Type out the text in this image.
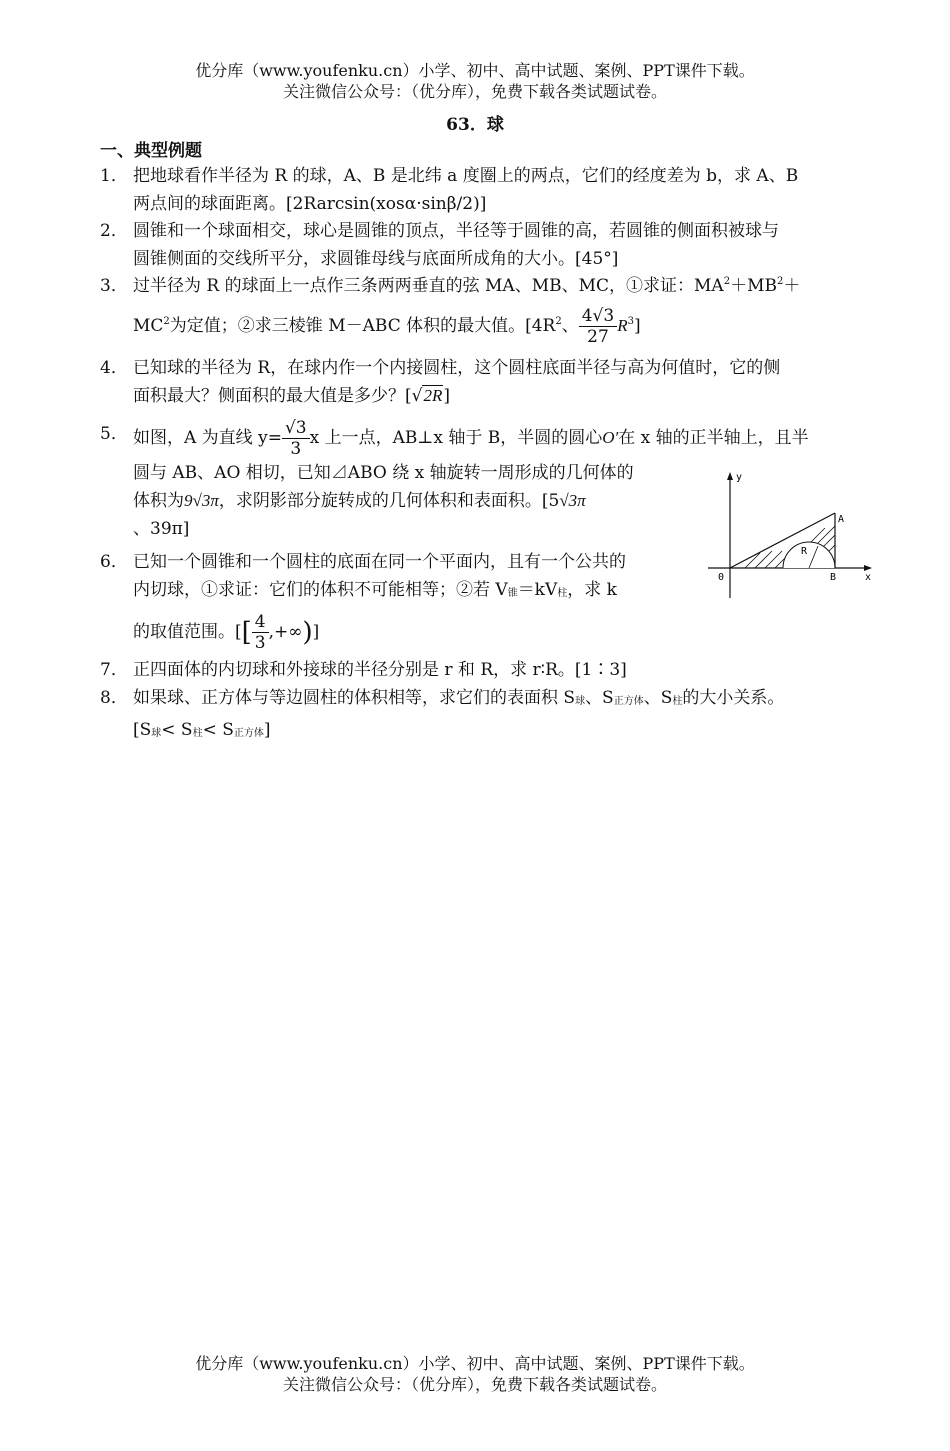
优分库（www.youfenku.cn）小学、初中、高中试题、案例、PPT课件下载。
关注微信公众号：（优分库），免费下载各类试题试卷。
63．球
一、典型例题
1． 把地球看作半径为 R 的球，A、B 是北纬 a 度圈上的两点，它们的经度差为 b，求 A、B
两点间的球面距离。[2Rarcsin(xosα·sinβ/2)]
2． 圆锥和一个球面相交，球心是圆锥的顶点，半径等于圆锥的高，若圆锥的侧面积被球与
圆锥侧面的交线所平分，求圆锥母线与底面所成角的大小。[45°]
3． 过半径为 R 的球面上一点作三条两两垂直的弦 MA、MB、MC，①求证：$MA^2+MB^2+$
$MC^2$为定值；②求三棱锥 M－ABC 体积的最大值。[$4R^2$、 $\frac{4√3}{27} R^3$]
4． 已知球的半径为 R，在球内作一个内接圆柱，这个圆柱底面半径与高为何值时，它的侧
面积最大？侧面积的最大值是多少？[√2R]
5． 如图，A 为直线 $y= \frac{√3}{3}$ x 上一点，AB⊥x 轴于 B，半圆的圆心O′在 x 轴的正半轴上，且半
圆与 AB、AO 相切，已知⊿ABO 绕 x 轴旋转一周形成的几何体的
体积为9√3π，求阴影部分旋转成的几何体积和表面积。[5√3π
、39π]
6． 已知一个圆锥和一个圆柱的底面在同一个平面内，且有一个公共的
内切球，①求证：它们的体积不可能相等；②若 $V_锥=kV_柱$，求 k
的取值范围。[[ $\frac{4}{3}$ ,+∞)]
7． 正四面体的内切球和外接球的半径分别是 r 和 R，求 r∶R。[1∶3]
8． 如果球、正方体与等边圆柱的体积相等，求它们的表面积 $S_球$、$S_{正方体}$、$S_柱$的大小关系。
$[S_球< S_柱< S_{正方体}]$
y
x
0
A
B
R
优分库（www.youfenku.cn）小学、初中、高中试题、案例、PPT课件下载。
关注微信公众号：（优分库），免费下载各类试题试卷。
